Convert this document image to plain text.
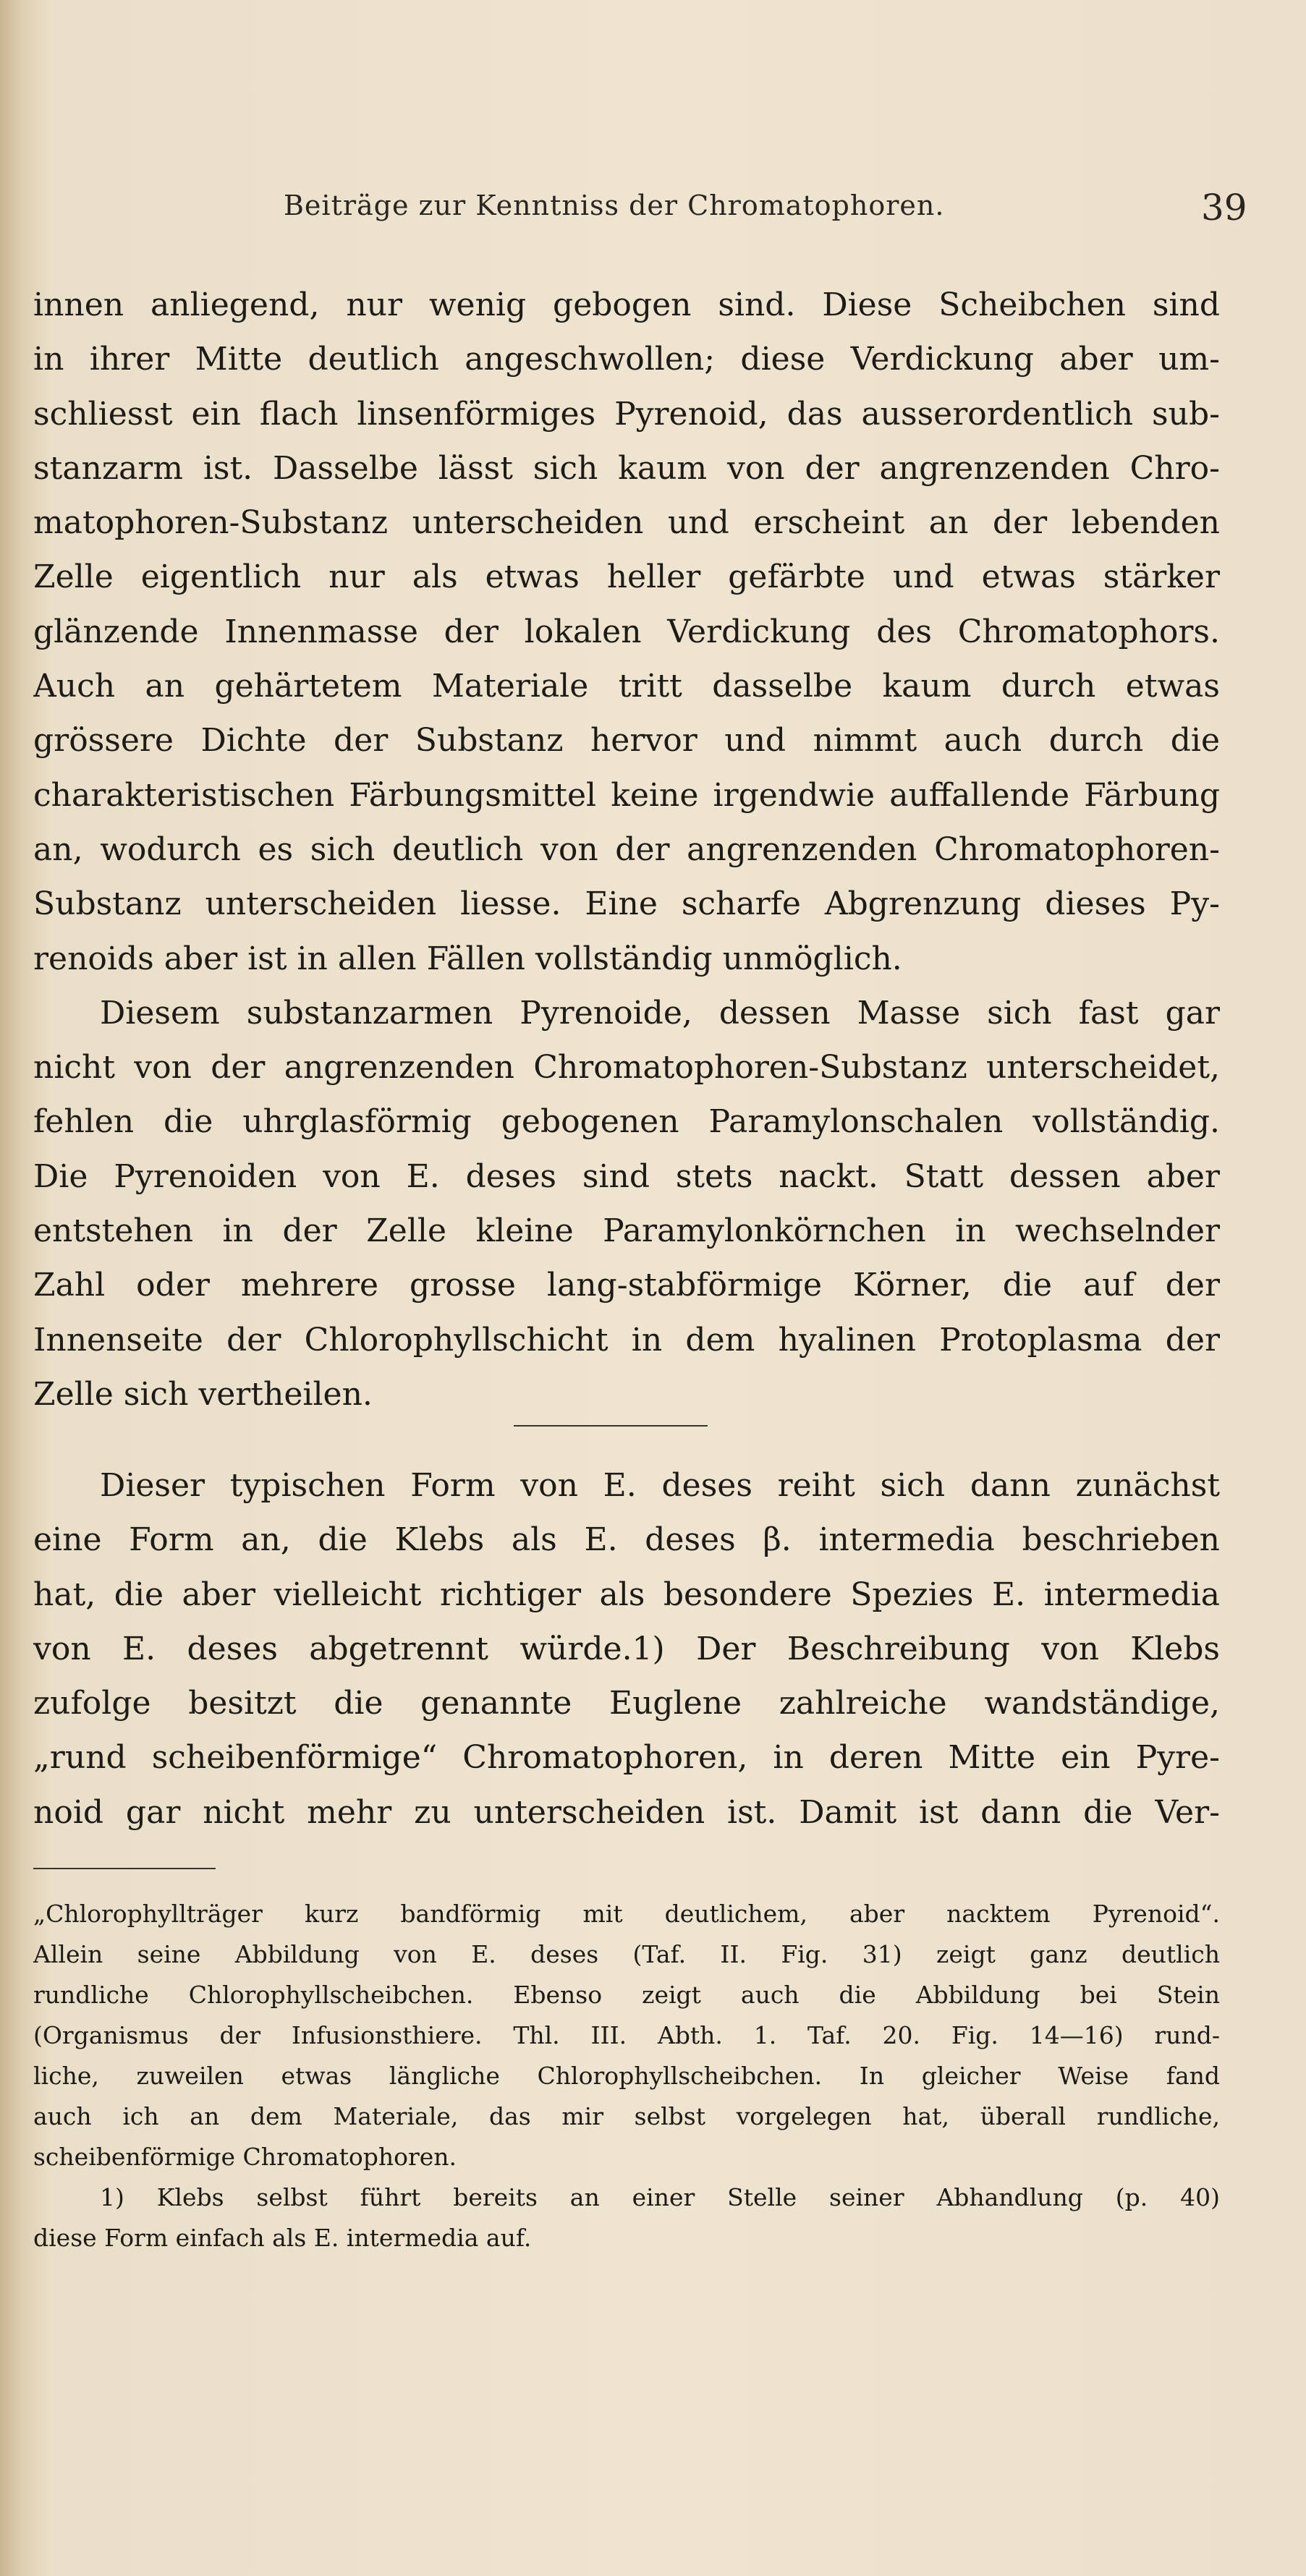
Beiträge zur Kenntniss der Chromatophoren.	39
innen anliegend, nur wenig gebogen sind. Diese Scheibchen sind
in ihrer Mitte deutlich angeschwollen; diese Verdickung aber um-
schliesst ein flach linsenförmiges Pyrenoid, das ausserordentlich sub-
stanzarm ist. Dasselbe lässt sich kaum von der angrenzenden Chro-
matophoren-Substanz unterscheiden und erscheint an der lebenden
Zelle eigentlich nur als etwas heller gefärbte und etwas stärker
glänzende Innenmasse der lokalen Verdickung des Chromatophors.
Auch an gehärtetem Materiale tritt dasselbe kaum durch etwas
grössere Dichte der Substanz hervor und nimmt auch durch die
charakteristischen Färbungsmittel keine irgendwie auffallende Färbung
an, wodurch es sich deutlich von der angrenzenden Chromatophoren-
Substanz unterscheiden liesse. Eine scharfe Abgrenzung dieses Py-
renoids aber ist in allen Fällen vollständig unmöglich.
Diesem substanzarmen Pyrenoide, dessen Masse sich fast gar
nicht von der angrenzenden Chromatophoren-Substanz unterscheidet,
fehlen die uhrglasförmig gebogenen Paramylonschalen vollständig.
Die Pyrenoiden von E. deses sind stets nackt. Statt dessen aber
entstehen in der Zelle kleine Paramylonkörnchen in wechselnder
Zahl oder mehrere grosse lang-stabförmige Körner, die auf der
Innenseite der Chlorophyllschicht in dem hyalinen Protoplasma der
Zelle sich vertheilen.
Dieser typischen Form von E. deses reiht sich dann zunächst
eine Form an, die Klebs als E. deses β. intermedia beschrieben
hat, die aber vielleicht richtiger als besondere Spezies E. intermedia
von E. deses abgetrennt würde.1) Der Beschreibung von Klebs
zufolge besitzt die genannte Euglene zahlreiche wandständige,
„rund scheibenförmige“ Chromatophoren, in deren Mitte ein Pyre-
noid gar nicht mehr zu unterscheiden ist. Damit ist dann die Ver-
„Chlorophyllträger kurz bandförmig mit deutlichem, aber nacktem Pyrenoid“.
Allein seine Abbildung von E. deses (Taf. II. Fig. 31) zeigt ganz deutlich
rundliche Chlorophyllscheibchen. Ebenso zeigt auch die Abbildung bei Stein
(Organismus der Infusionsthiere. Thl. III. Abth. 1. Taf. 20. Fig. 14—16) rund-
liche, zuweilen etwas längliche Chlorophyllscheibchen. In gleicher Weise fand
auch ich an dem Materiale, das mir selbst vorgelegen hat, überall rundliche,
scheibenförmige Chromatophoren.
1) Klebs selbst führt bereits an einer Stelle seiner Abhandlung (p. 40)
diese Form einfach als E. intermedia auf.
